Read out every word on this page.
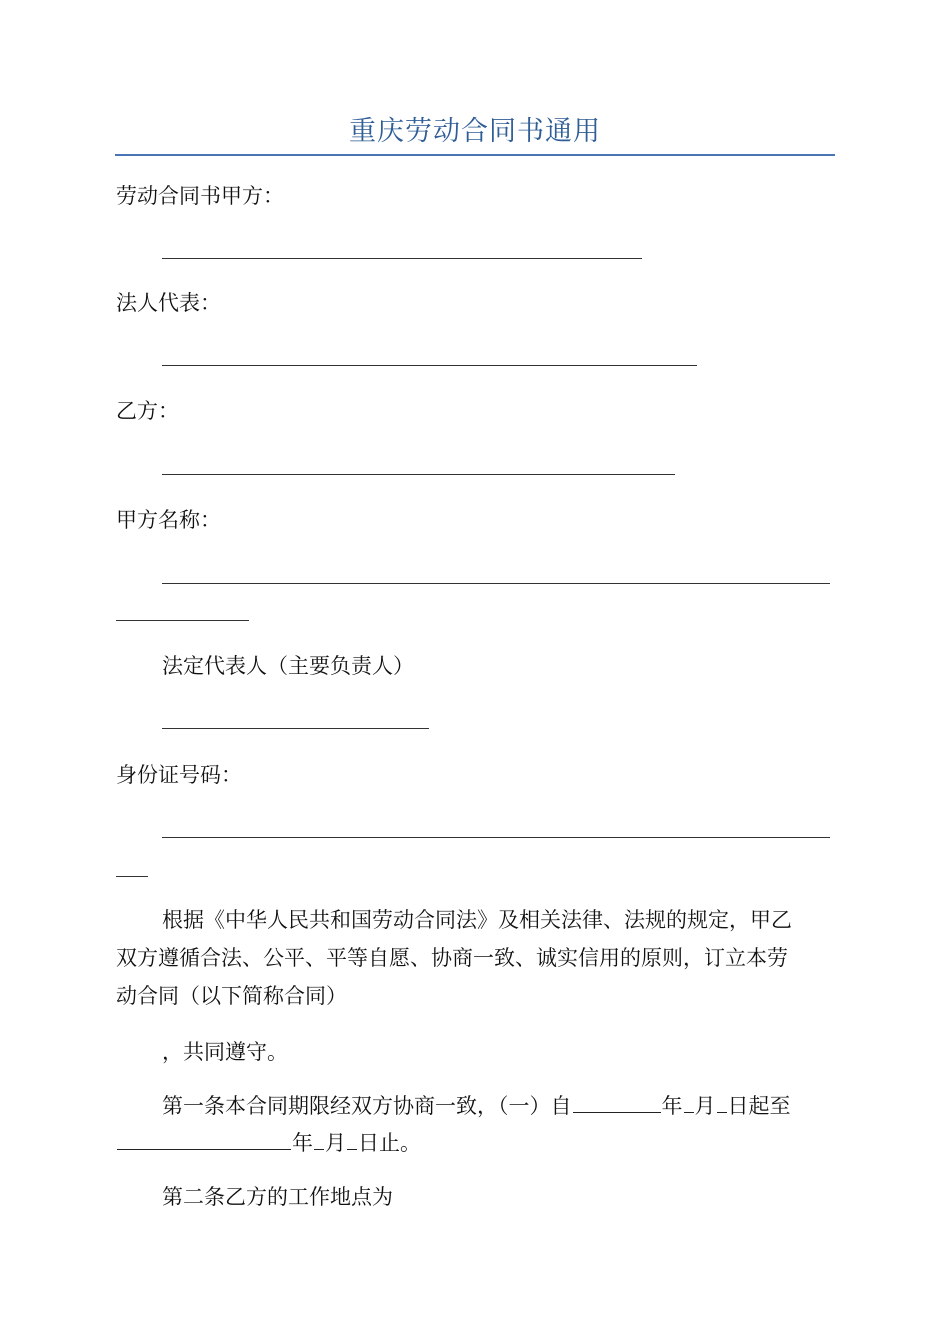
重庆劳动合同书通用
劳动合同书甲方：
法人代表：
乙方：
甲方名称：
法定代表人（主要负责人）
身份证号码：
根据《中华人民共和国劳动合同法》及相关法律、法规的规定，甲乙
双方遵循合法、公平、平等自愿、协商一致、诚实信用的原则，订立本劳
动合同（以下简称合同）
，共同遵守。
第一条本合同期限经双方协商一致，（一）自	年 月 日起至
年 月 日止。
第二条乙方的工作地点为
